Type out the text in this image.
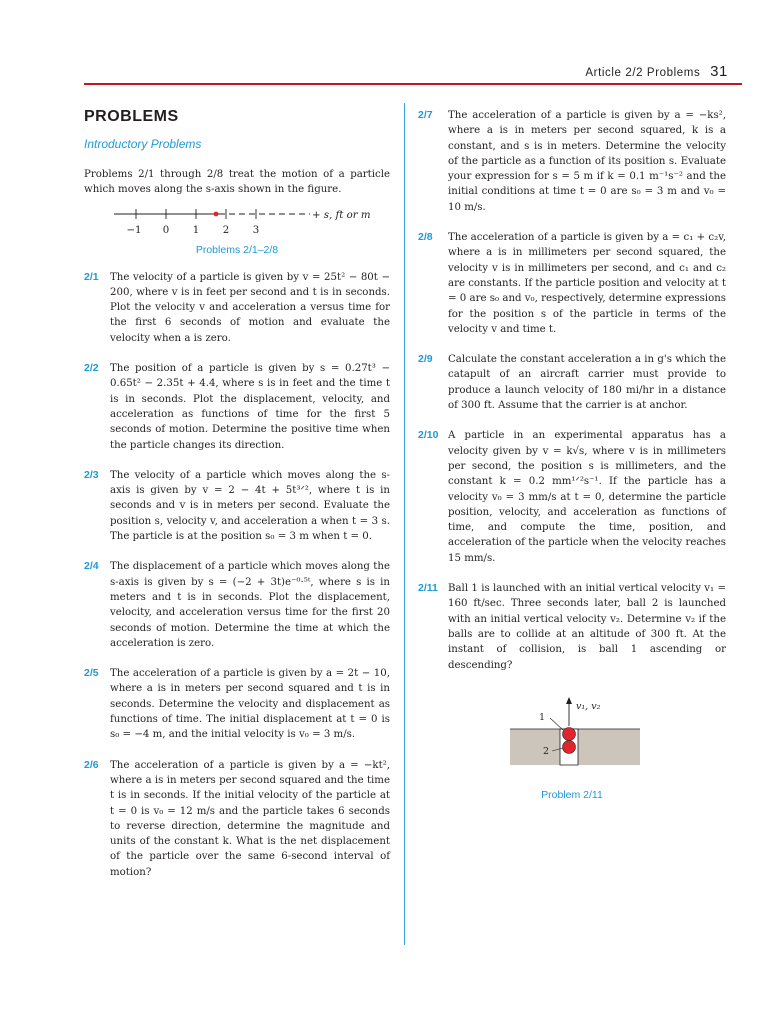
Article 2/2 Problems 31
PROBLEMS
Introductory Problems

Problems 2/1 through 2/8 treat the motion of a particle which moves along the s-axis shown in the figure.

−1 0 1 2 3
+ s, ft or m
Problems 2/1–2/8
2/1	The velocity of a particle is given by v = 25t² − 80t − 200, where v is in feet per second and t is in seconds. Plot the velocity v and acceleration a versus time for the first 6 seconds of motion and evaluate the velocity when a is zero.
2/2	The position of a particle is given by s = 0.27t³ − 0.65t² − 2.35t + 4.4, where s is in feet and the time t is in seconds. Plot the displacement, velocity, and acceleration as functions of time for the first 5 seconds of motion. Determine the positive time when the particle changes its direction.
2/3	The velocity of a particle which moves along the s-axis is given by v = 2 − 4t + 5t³ᐟ², where t is in seconds and v is in meters per second. Evaluate the position s, velocity v, and acceleration a when t = 3 s. The particle is at the position s₀ = 3 m when t = 0.
2/4	The displacement of a particle which moves along the s-axis is given by s = (−2 + 3t)e⁻⁰·⁵ᵗ, where s is in meters and t is in seconds. Plot the displacement, velocity, and acceleration versus time for the first 20 seconds of motion. Determine the time at which the acceleration is zero.
2/5	The acceleration of a particle is given by a = 2t − 10, where a is in meters per second squared and t is in seconds. Determine the velocity and displacement as functions of time. The initial displacement at t = 0 is s₀ = −4 m, and the initial velocity is v₀ = 3 m/s.
2/6	The acceleration of a particle is given by a = −kt², where a is in meters per second squared and the time t is in seconds. If the initial velocity of the particle at t = 0 is v₀ = 12 m/s and the particle takes 6 seconds to reverse direction, determine the magnitude and units of the constant k. What is the net displacement of the particle over the same 6-second interval of motion?
2/7	The acceleration of a particle is given by a = −ks², where a is in meters per second squared, k is a constant, and s is in meters. Determine the velocity of the particle as a function of its position s. Evaluate your expression for s = 5 m if k = 0.1 m⁻¹s⁻² and the initial conditions at time t = 0 are s₀ = 3 m and v₀ = 10 m/s.
2/8	The acceleration of a particle is given by a = c₁ + c₂v, where a is in millimeters per second squared, the velocity v is in millimeters per second, and c₁ and c₂ are constants. If the particle position and velocity at t = 0 are s₀ and v₀, respectively, determine expressions for the position s of the particle in terms of the velocity v and time t.
2/9	Calculate the constant acceleration a in g's which the catapult of an aircraft carrier must provide to produce a launch velocity of 180 mi/hr in a distance of 300 ft. Assume that the carrier is at anchor.
2/10 A particle in an experimental apparatus has a velocity given by v = k√s, where v is in millimeters per second, the position s is millimeters, and the constant k = 0.2 mm¹ᐟ²s⁻¹. If the particle has a velocity v₀ = 3 mm/s at t = 0, determine the particle position, velocity, and acceleration as functions of time, and compute the time, position, and acceleration of the particle when the velocity reaches 15 mm/s.
2/11 Ball 1 is launched with an initial vertical velocity v₁ = 160 ft/sec. Three seconds later, ball 2 is launched with an initial vertical velocity v₂. Determine v₂ if the balls are to collide at an altitude of 300 ft. At the instant of collision, is ball 1 ascending or descending?
1
2
v₁, v₂
Problem 2/11
